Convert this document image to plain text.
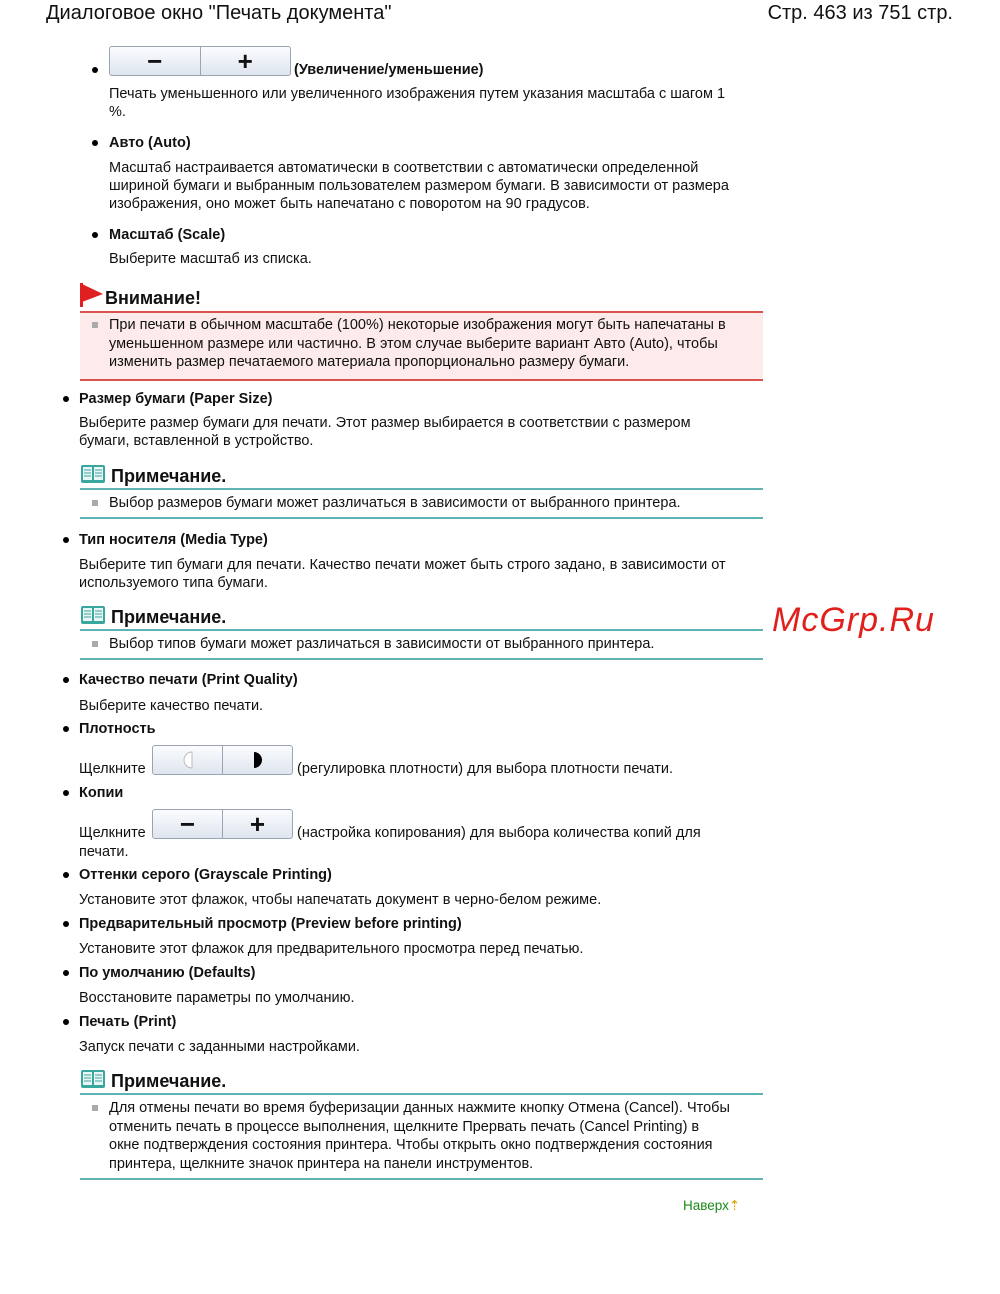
Диалоговое окно "Печать документа"	Стр. 463 из 751 стр.
−	+	(Увеличение/уменьшение)
Печать уменьшенного или увеличенного изображения путем указания масштаба с шагом 1
%.
Авто (Auto)
Масштаб настраивается автоматически в соответствии с автоматически определенной
шириной бумаги и выбранным пользователем размером бумаги. В зависимости от размера
изображения, оно может быть напечатано с поворотом на 90 градусов.
Масштаб (Scale)
Выберите масштаб из списка.
Внимание!
При печати в обычном масштабе (100%) некоторые изображения могут быть напечатаны в
уменьшенном размере или частично. В этом случае выберите вариант Авто (Auto), чтобы
изменить размер печатаемого материала пропорционально размеру бумаги.
Размер бумаги (Paper Size)
Выберите размер бумаги для печати. Этот размер выбирается в соответствии с размером
бумаги, вставленной в устройство.
Примечание.
Выбор размеров бумаги может различаться в зависимости от выбранного принтера.
Тип носителя (Media Type)
Выберите тип бумаги для печати. Качество печати может быть строго задано, в зависимости от
используемого типа бумаги.
Примечание.
Выбор типов бумаги может различаться в зависимости от выбранного принтера.
McGrp.Ru
Качество печати (Print Quality)
Выберите качество печати.
Плотность
Щелкните	(регулировка плотности) для выбора плотности печати.
Копии
Щелкните	−	+	(настройка копирования) для выбора количества копий для
печати.
Оттенки серого (Grayscale Printing)
Установите этот флажок, чтобы напечатать документ в черно-белом режиме.
Предварительный просмотр (Preview before printing)
Установите этот флажок для предварительного просмотра перед печатью.
По умолчанию (Defaults)
Восстановите параметры по умолчанию.
Печать (Print)
Запуск печати с заданными настройками.
Примечание.
Для отмены печати во время буферизации данных нажмите кнопку Отмена (Cancel). Чтобы
отменить печать в процессе выполнения, щелкните Прервать печать (Cancel Printing) в
окне подтверждения состояния принтера. Чтобы открыть окно подтверждения состояния
принтера, щелкните значок принтера на панели инструментов.
Наверх⇡
